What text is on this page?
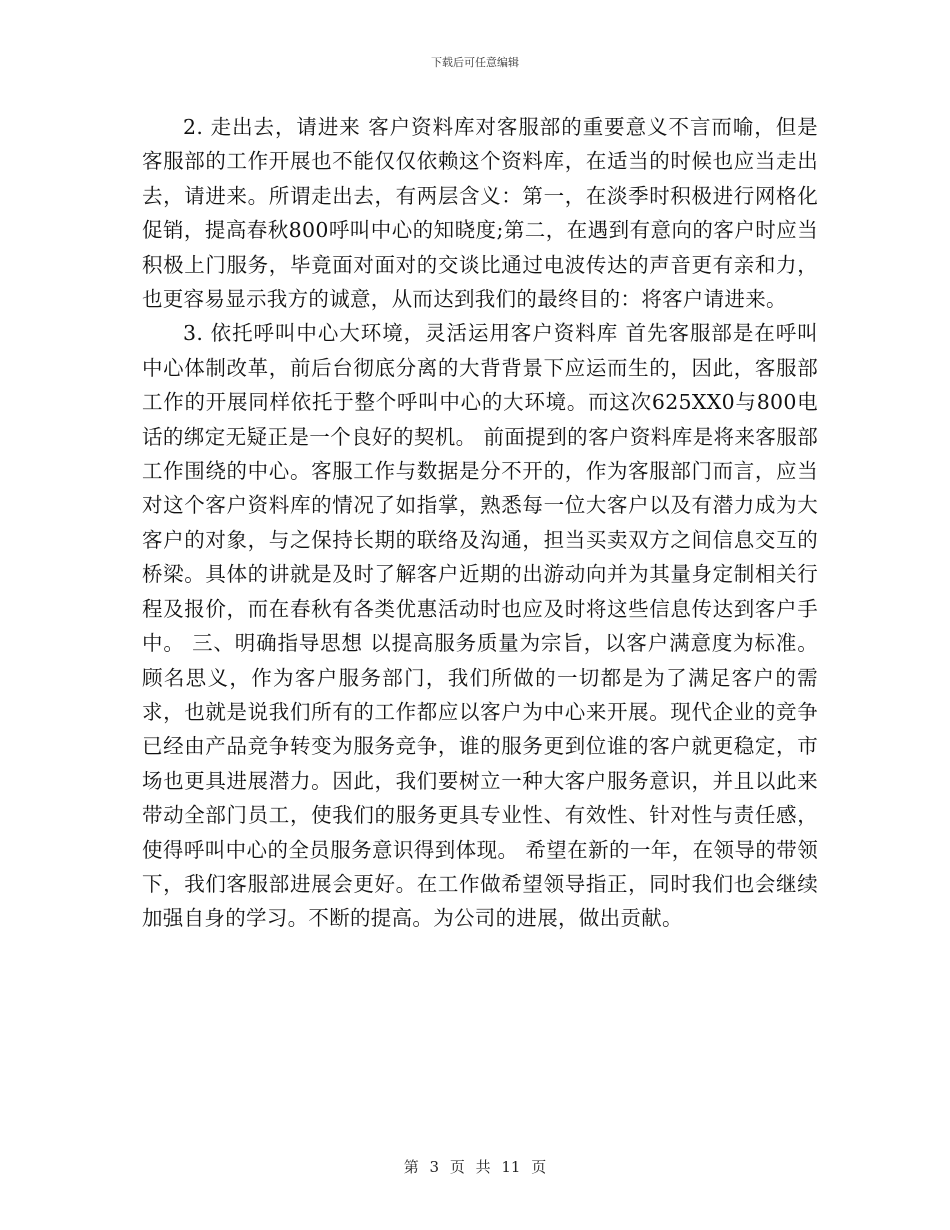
下载后可任意编辑

2. 走出去，请进来 客户资料库对客服部的重要意义不言而喻，但是客服部的工作开展也不能仅仅依赖这个资料库，在适当的时候也应当走出去，请进来。所谓走出去，有两层含义：第一，在淡季时积极进行网格化促销，提高春秋800呼叫中心的知晓度;第二，在遇到有意向的客户时应当积极上门服务，毕竟面对面对的交谈比通过电波传达的声音更有亲和力，也更容易显示我方的诚意，从而达到我们的最终目的：将客户请进来。

3. 依托呼叫中心大环境，灵活运用客户资料库 首先客服部是在呼叫中心体制改革，前后台彻底分离的大背背景下应运而生的，因此，客服部工作的开展同样依托于整个呼叫中心的大环境。而这次625XX0与800电话的绑定无疑正是一个良好的契机。 前面提到的客户资料库是将来客服部工作围绕的中心。客服工作与数据是分不开的，作为客服部门而言，应当对这个客户资料库的情况了如指掌，熟悉每一位大客户以及有潜力成为大客户的对象，与之保持长期的联络及沟通，担当买卖双方之间信息交互的桥梁。具体的讲就是及时了解客户近期的出游动向并为其量身定制相关行程及报价，而在春秋有各类优惠活动时也应及时将这些信息传达到客户手中。 三、明确指导思想 以提高服务质量为宗旨，以客户满意度为标准。 顾名思义，作为客户服务部门，我们所做的一切都是为了满足客户的需求，也就是说我们所有的工作都应以客户为中心来开展。现代企业的竞争已经由产品竞争转变为服务竞争，谁的服务更到位谁的客户就更稳定，市场也更具进展潜力。因此，我们要树立一种大客户服务意识，并且以此来带动全部门员工，使我们的服务更具专业性、有效性、针对性与责任感，使得呼叫中心的全员服务意识得到体现。 希望在新的一年，在领导的带领下，我们客服部进展会更好。在工作做希望领导指正，同时我们也会继续加强自身的学习。不断的提高。为公司的进展，做出贡献。

第 3 页 共 11 页
